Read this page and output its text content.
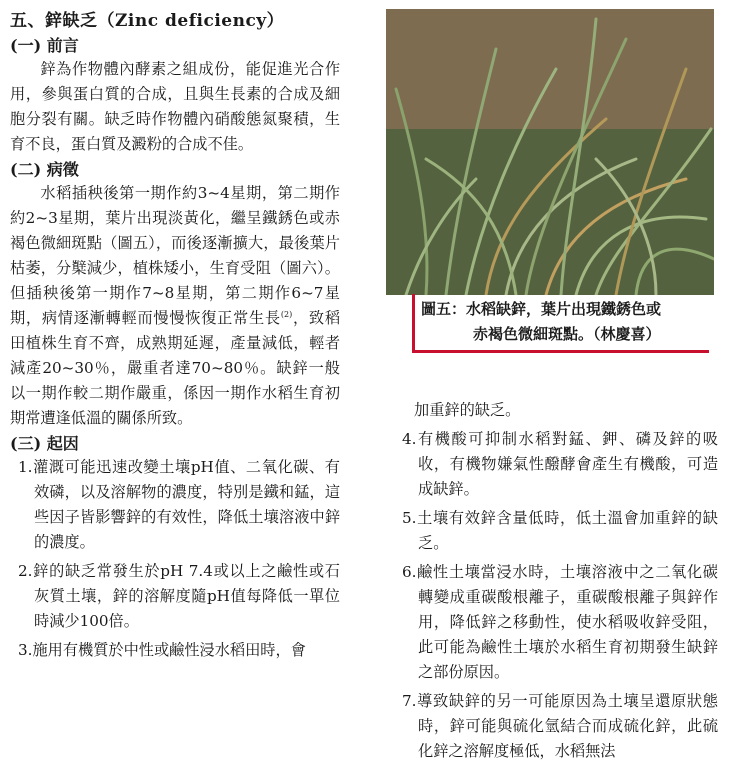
五、鋅缺乏（Zinc deficiency）
(一) 前言

鋅為作物體內酵素之組成份，能促進光合作用，參與蛋白質的合成，且與生長素的合成及細胞分裂有關。缺乏時作物體內硝酸態氮聚積，生育不良，蛋白質及澱粉的合成不佳。

(二) 病徵

水稻插秧後第一期作約3~4星期，第二期作約2~3星期，葉片出現淡黃化，繼呈鐵銹色或赤褐色微細斑點（圖五），而後逐漸擴大，最後葉片枯萎，分櫱減少，植株矮小，生育受阻（圖六）。但插秧後第一期作7~8星期，第二期作6~7星期，病情逐漸轉輕而慢慢恢復正常生長$^{(2)}$，致稻田植株生育不齊，成熟期延遲，產量減低，輕者減產20~30％，嚴重者達70~80％。缺鋅一般以一期作較二期作嚴重，係因一期作水稻生育初期常遭逢低溫的關係所致。

(三) 起因

1.灌溉可能迅速改變土壤pH值、二氧化碳、有效磷，以及溶解物的濃度，特別是鐵和錳，這些因子皆影響鋅的有效性，降低土壤溶液中鋅的濃度。

2.鋅的缺乏常發生於pH 7.4或以上之鹼性或石灰質土壤，鋅的溶解度隨pH值每降低一單位時減少100倍。

3.施用有機質於中性或鹼性浸水稻田時，會

圖五：水稻缺鋅，葉片出現鐵銹色或
赤褐色微細斑點。（林慶喜）

加重鋅的缺乏。

4.有機酸可抑制水稻對錳、鉀、磷及鋅的吸收，有機物嫌氣性醱酵會產生有機酸，可造成缺鋅。

5.土壤有效鋅含量低時，低土溫會加重鋅的缺乏。

6.鹼性土壤當浸水時，土壤溶液中之二氧化碳轉變成重碳酸根離子，重碳酸根離子與鋅作用，降低鋅之移動性，使水稻吸收鋅受阻，此可能為鹼性土壤於水稻生育初期發生缺鋅之部份原因。

7.導致缺鋅的另一可能原因為土壤呈還原狀態時，鋅可能與硫化氫結合而成硫化鋅，此硫化鋅之溶解度極低，水稻無法
